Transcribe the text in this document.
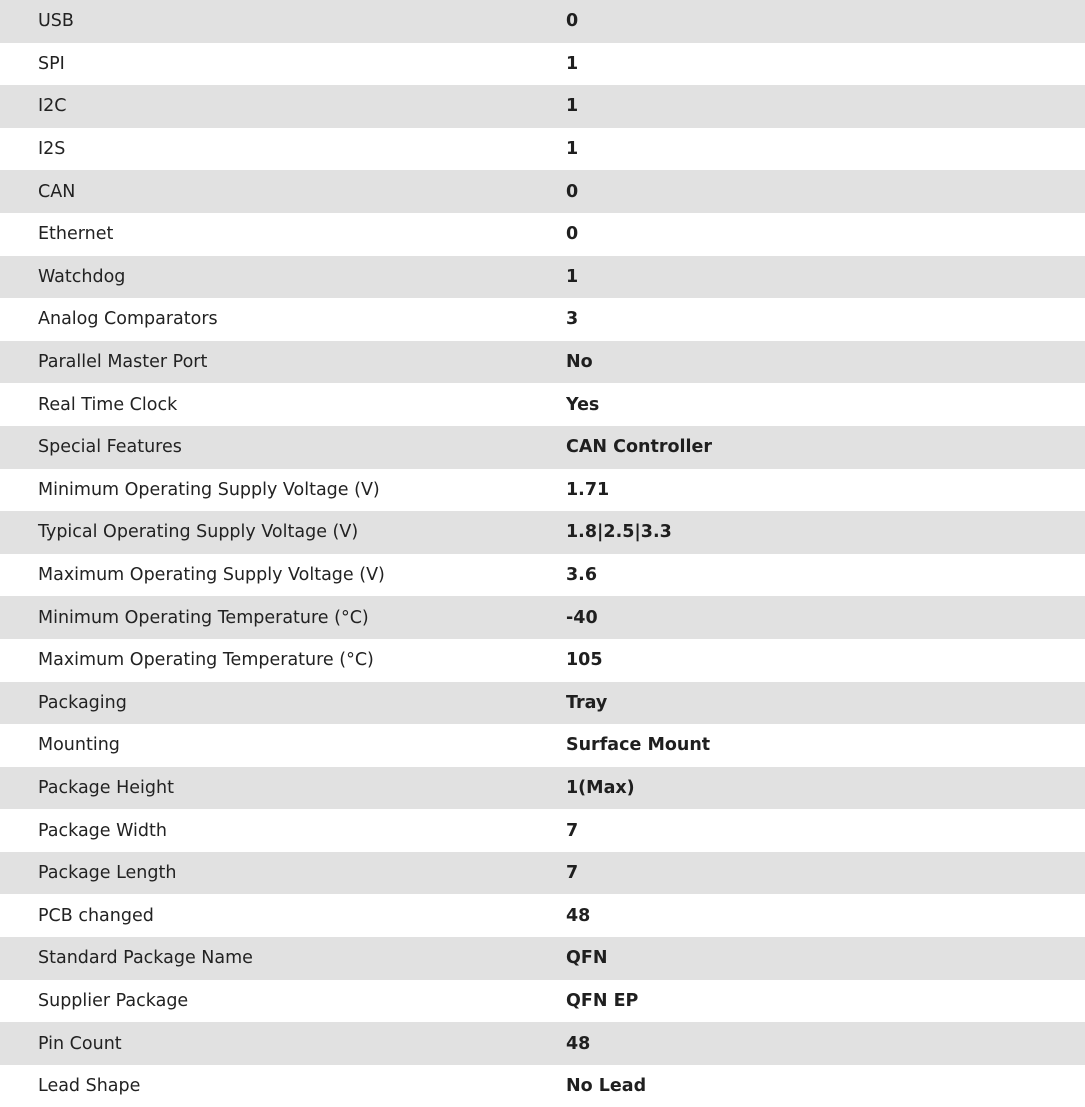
USB	0
SPI	1
I2C	1
I2S	1
CAN	0
Ethernet	0
Watchdog	1
Analog Comparators	3
Parallel Master Port	No
Real Time Clock	Yes
Special Features	CAN Controller
Minimum Operating Supply Voltage (V)	1.71
Typical Operating Supply Voltage (V)	1.8|2.5|3.3
Maximum Operating Supply Voltage (V)	3.6
Minimum Operating Temperature (°C)	-40
Maximum Operating Temperature (°C)	105
Packaging	Tray
Mounting	Surface Mount
Package Height	1(Max)
Package Width	7
Package Length	7
PCB changed	48
Standard Package Name	QFN
Supplier Package	QFN EP
Pin Count	48
Lead Shape	No Lead
